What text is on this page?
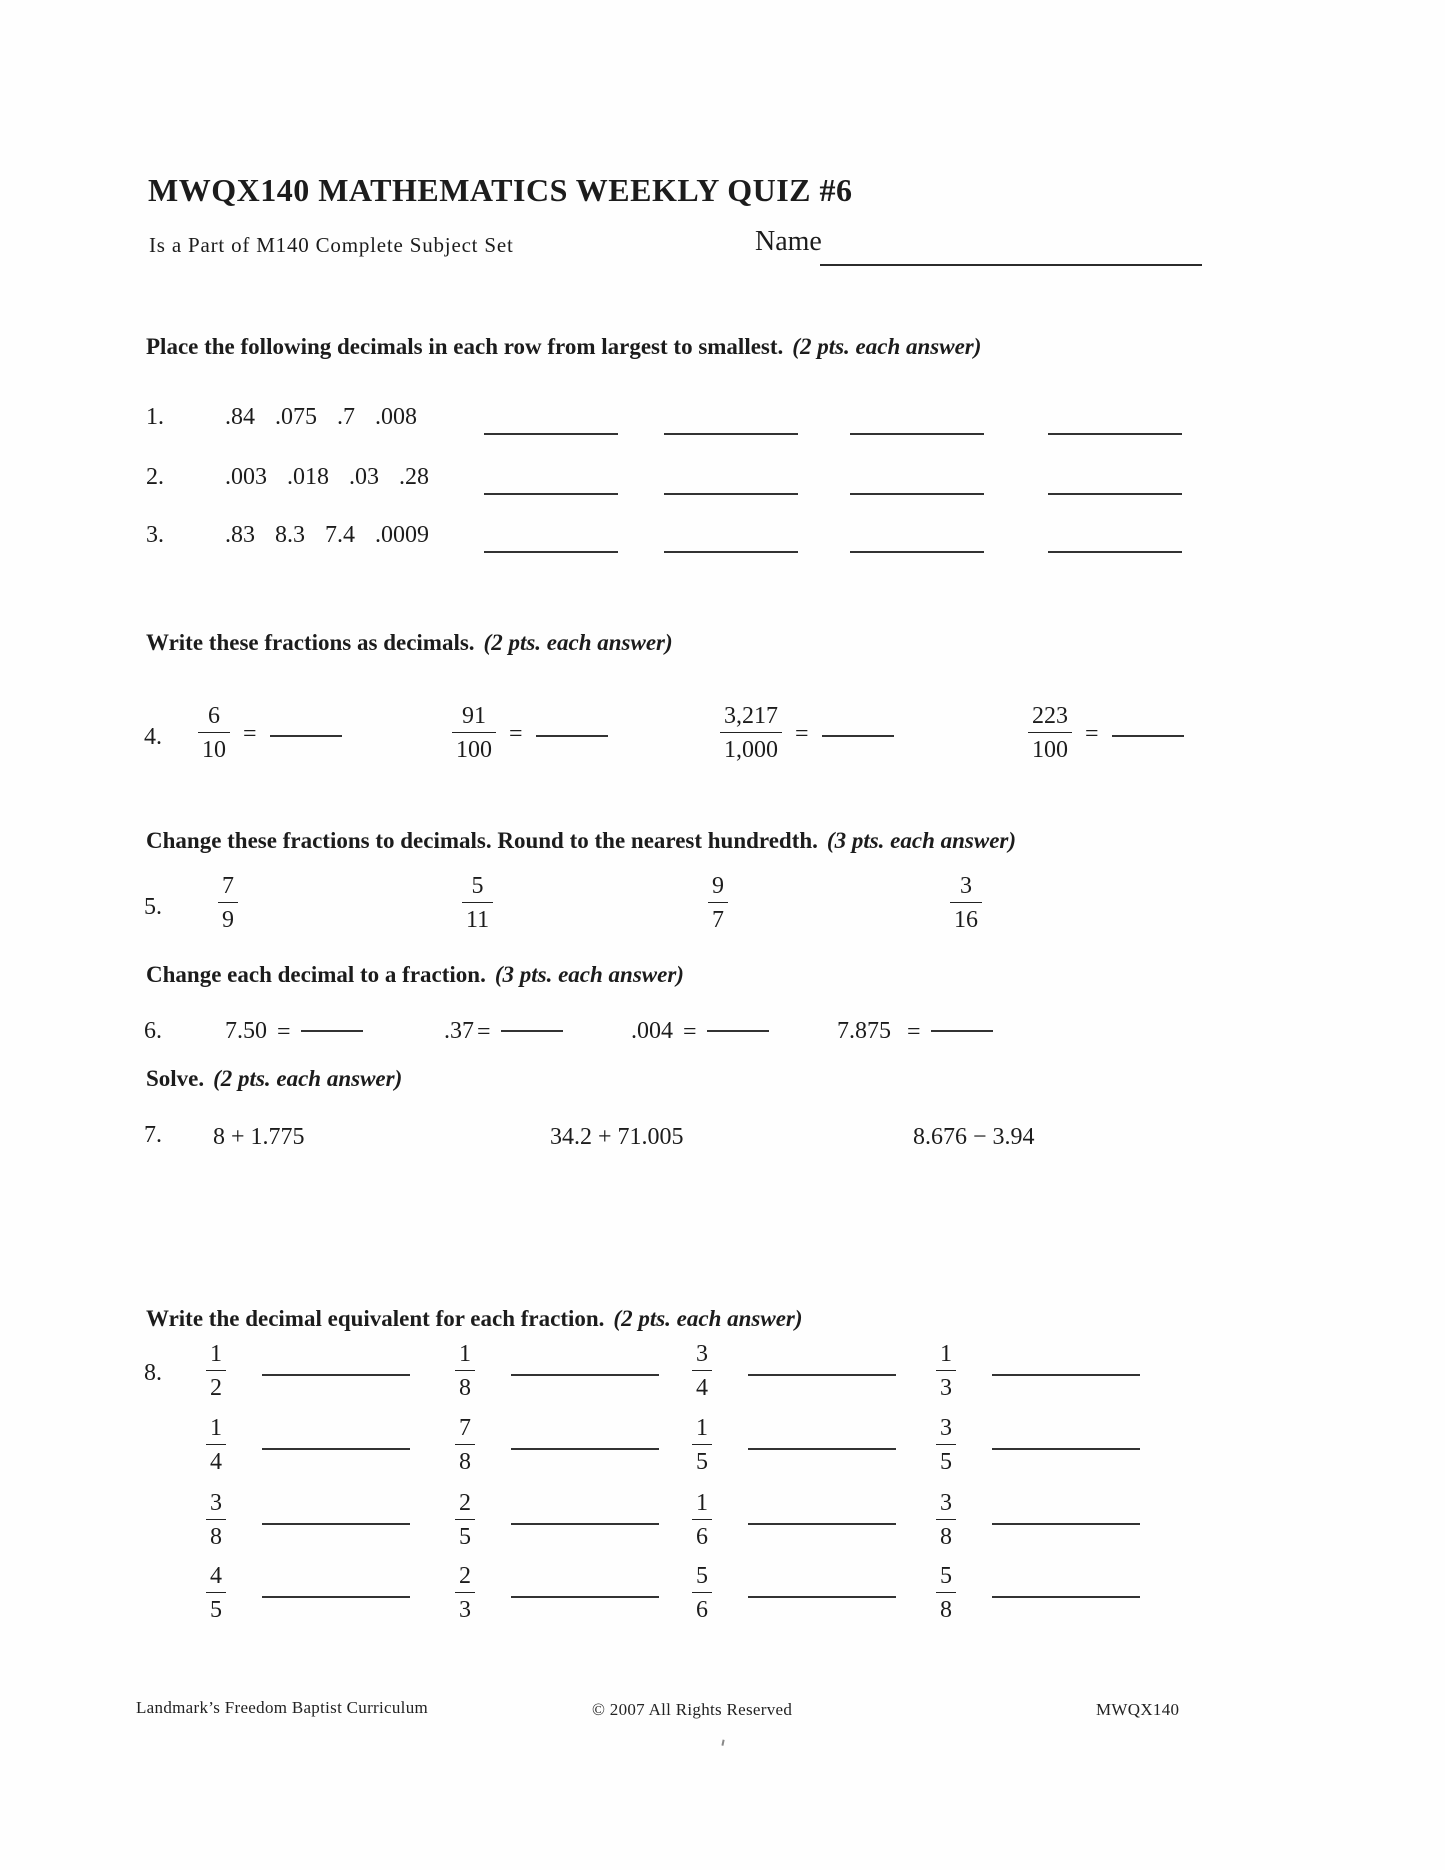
MWQX140 MATHEMATICS WEEKLY QUIZ #6
Is a Part of M140 Complete Subject Set	Name
Place the following decimals in each row from largest to smallest. (2 pts. each answer)
1.	.84 .075 .7 .008
2.	.003 .018 .03 .28
3.	.83 8.3 7.4 .0009
Write these fractions as decimals. (2 pts. each answer)
4. $\frac{6}{10}$ =	$\frac{91}{100}$ =	$\frac{3,217}{1,000}$ =	$\frac{223}{100}$ =
Change these fractions to decimals. Round to the nearest hundredth. (3 pts. each answer)
5. $\frac{7}{9}$	$\frac{5}{11}$	$\frac{9}{7}$	$\frac{3}{16}$
Change each decimal to a fraction. (3 pts. each answer)
6.	7.50 =	.37 =	.004 =	7.875 =
Solve. (2 pts. each answer)
7. 8 + 1.775	34.2 + 71.005	8.676 − 3.94
Write the decimal equivalent for each fraction. (2 pts. each answer)
8. $\frac{1}{2}$	$\frac{1}{8}$	$\frac{3}{4}$	$\frac{1}{3}$
$\frac{1}{4}$	$\frac{7}{8}$	$\frac{1}{5}$	$\frac{3}{5}$
$\frac{3}{8}$	$\frac{2}{5}$	$\frac{1}{6}$	$\frac{3}{8}$
$\frac{4}{5}$	$\frac{2}{3}$	$\frac{5}{6}$	$\frac{5}{8}$
Landmark’s Freedom Baptist Curriculum	© 2007 All Rights Reserved	MWQX140
